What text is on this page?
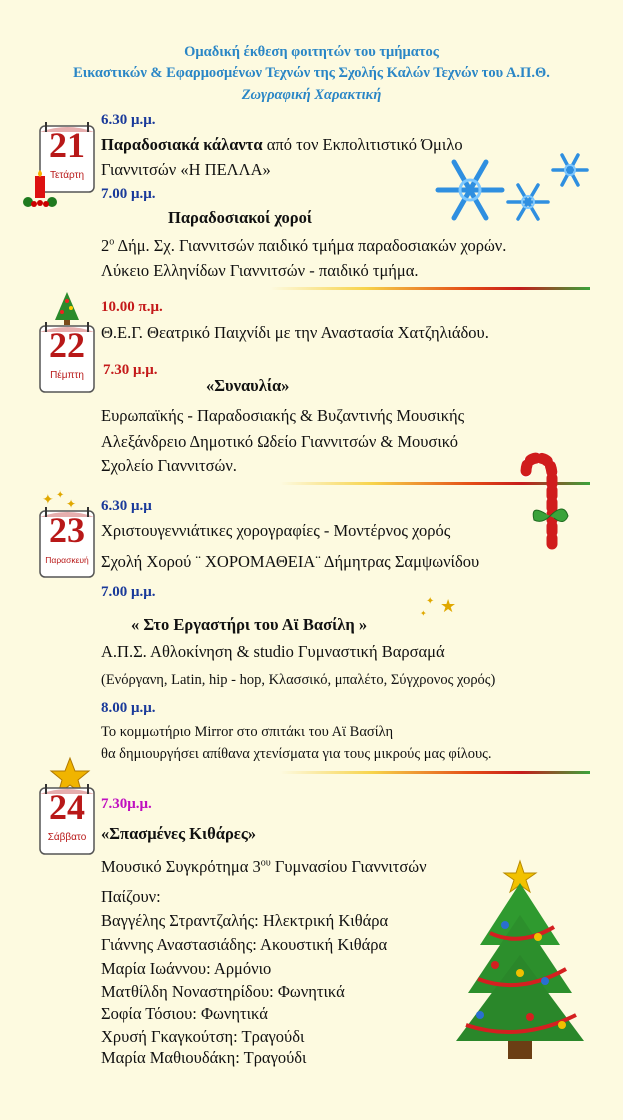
Ομαδική έκθεση φοιτητών του τμήματος
Εικαστικών & Εφαρμοσμένων Τεχνών της Σχολής Καλών Τεχνών του Α.Π.Θ.
Ζωγραφική Χαρακτική
21
Τετάρτη
6.30 μ.μ.
Παραδοσιακά κάλαντα από τον Εκπολιτιστικό Όμιλο
Γιαννιτσών «Η ΠΕΛΛΑ»
7.00 μ.μ.
Παραδοσιακοί χοροί
$2^o$ Δήμ. Σχ. Γιαννιτσών παιδικό τμήμα παραδοσιακών χορών.
Λύκειο Ελληνίδων Γιαννιτσών - παιδικό τμήμα.
22
Πέμπτη
10.00 π.μ.
Θ.Ε.Γ. Θεατρικό Παιχνίδι με την Αναστασία Χατζηλιάδου.
7.30 μ.μ.
«Συναυλία»
Ευρωπαϊκής - Παραδοσιακής & Βυζαντινής Μουσικής
Αλεξάνδρειο Δημοτικό Ωδείο Γιαννιτσών & Μουσικό
Σχολείο Γιαννιτσών.
✦ ✦
✦
23
Παρασκευή
6.30 μ.μ
Χριστουγεννιάτικες χορογραφίες - Μοντέρνος χορός
Σχολή Χορού ¨ ΧΟΡΟΜΑΘΕΙΑ¨ Δήμητρας Σαμψωνίδου
7.00 μ.μ.
« Στο Εργαστήρι του Αϊ Βασίλη »
★
✦
✦
Α.Π.Σ. Αθλοκίνηση & studio Γυμναστική Βαρσαμά
(Ενόργανη, Latin, hip - hop, Κλασσικό, μπαλέτο, Σύγχρονος χορός)
8.00 μ.μ.
Το κομμωτήριο Mirror στο σπιτάκι του Αϊ Βασίλη
θα δημιουργήσει απίθανα χτενίσματα για τους μικρούς μας φίλους.
24
Σάββατο
7.30μ.μ.
«Σπασμένες Κιθάρες»
Μουσικό Συγκρότημα $3^{o\upsilon}$ Γυμνασίου Γιαννιτσών
Παίζουν:
Βαγγέλης Στραντζαλής: Ηλεκτρική Κιθάρα
Γιάννης Αναστασιάδης: Ακουστική Κιθάρα
Μαρία Ιωάννου: Αρμόνιο
Ματθίλδη Νοναστηρίδου: Φωνητικά
Σοφία Τόσιου: Φωνητικά
Χρυσή Γκαγκούτση: Τραγούδι
Μαρία Μαθιουδάκη: Τραγούδι
